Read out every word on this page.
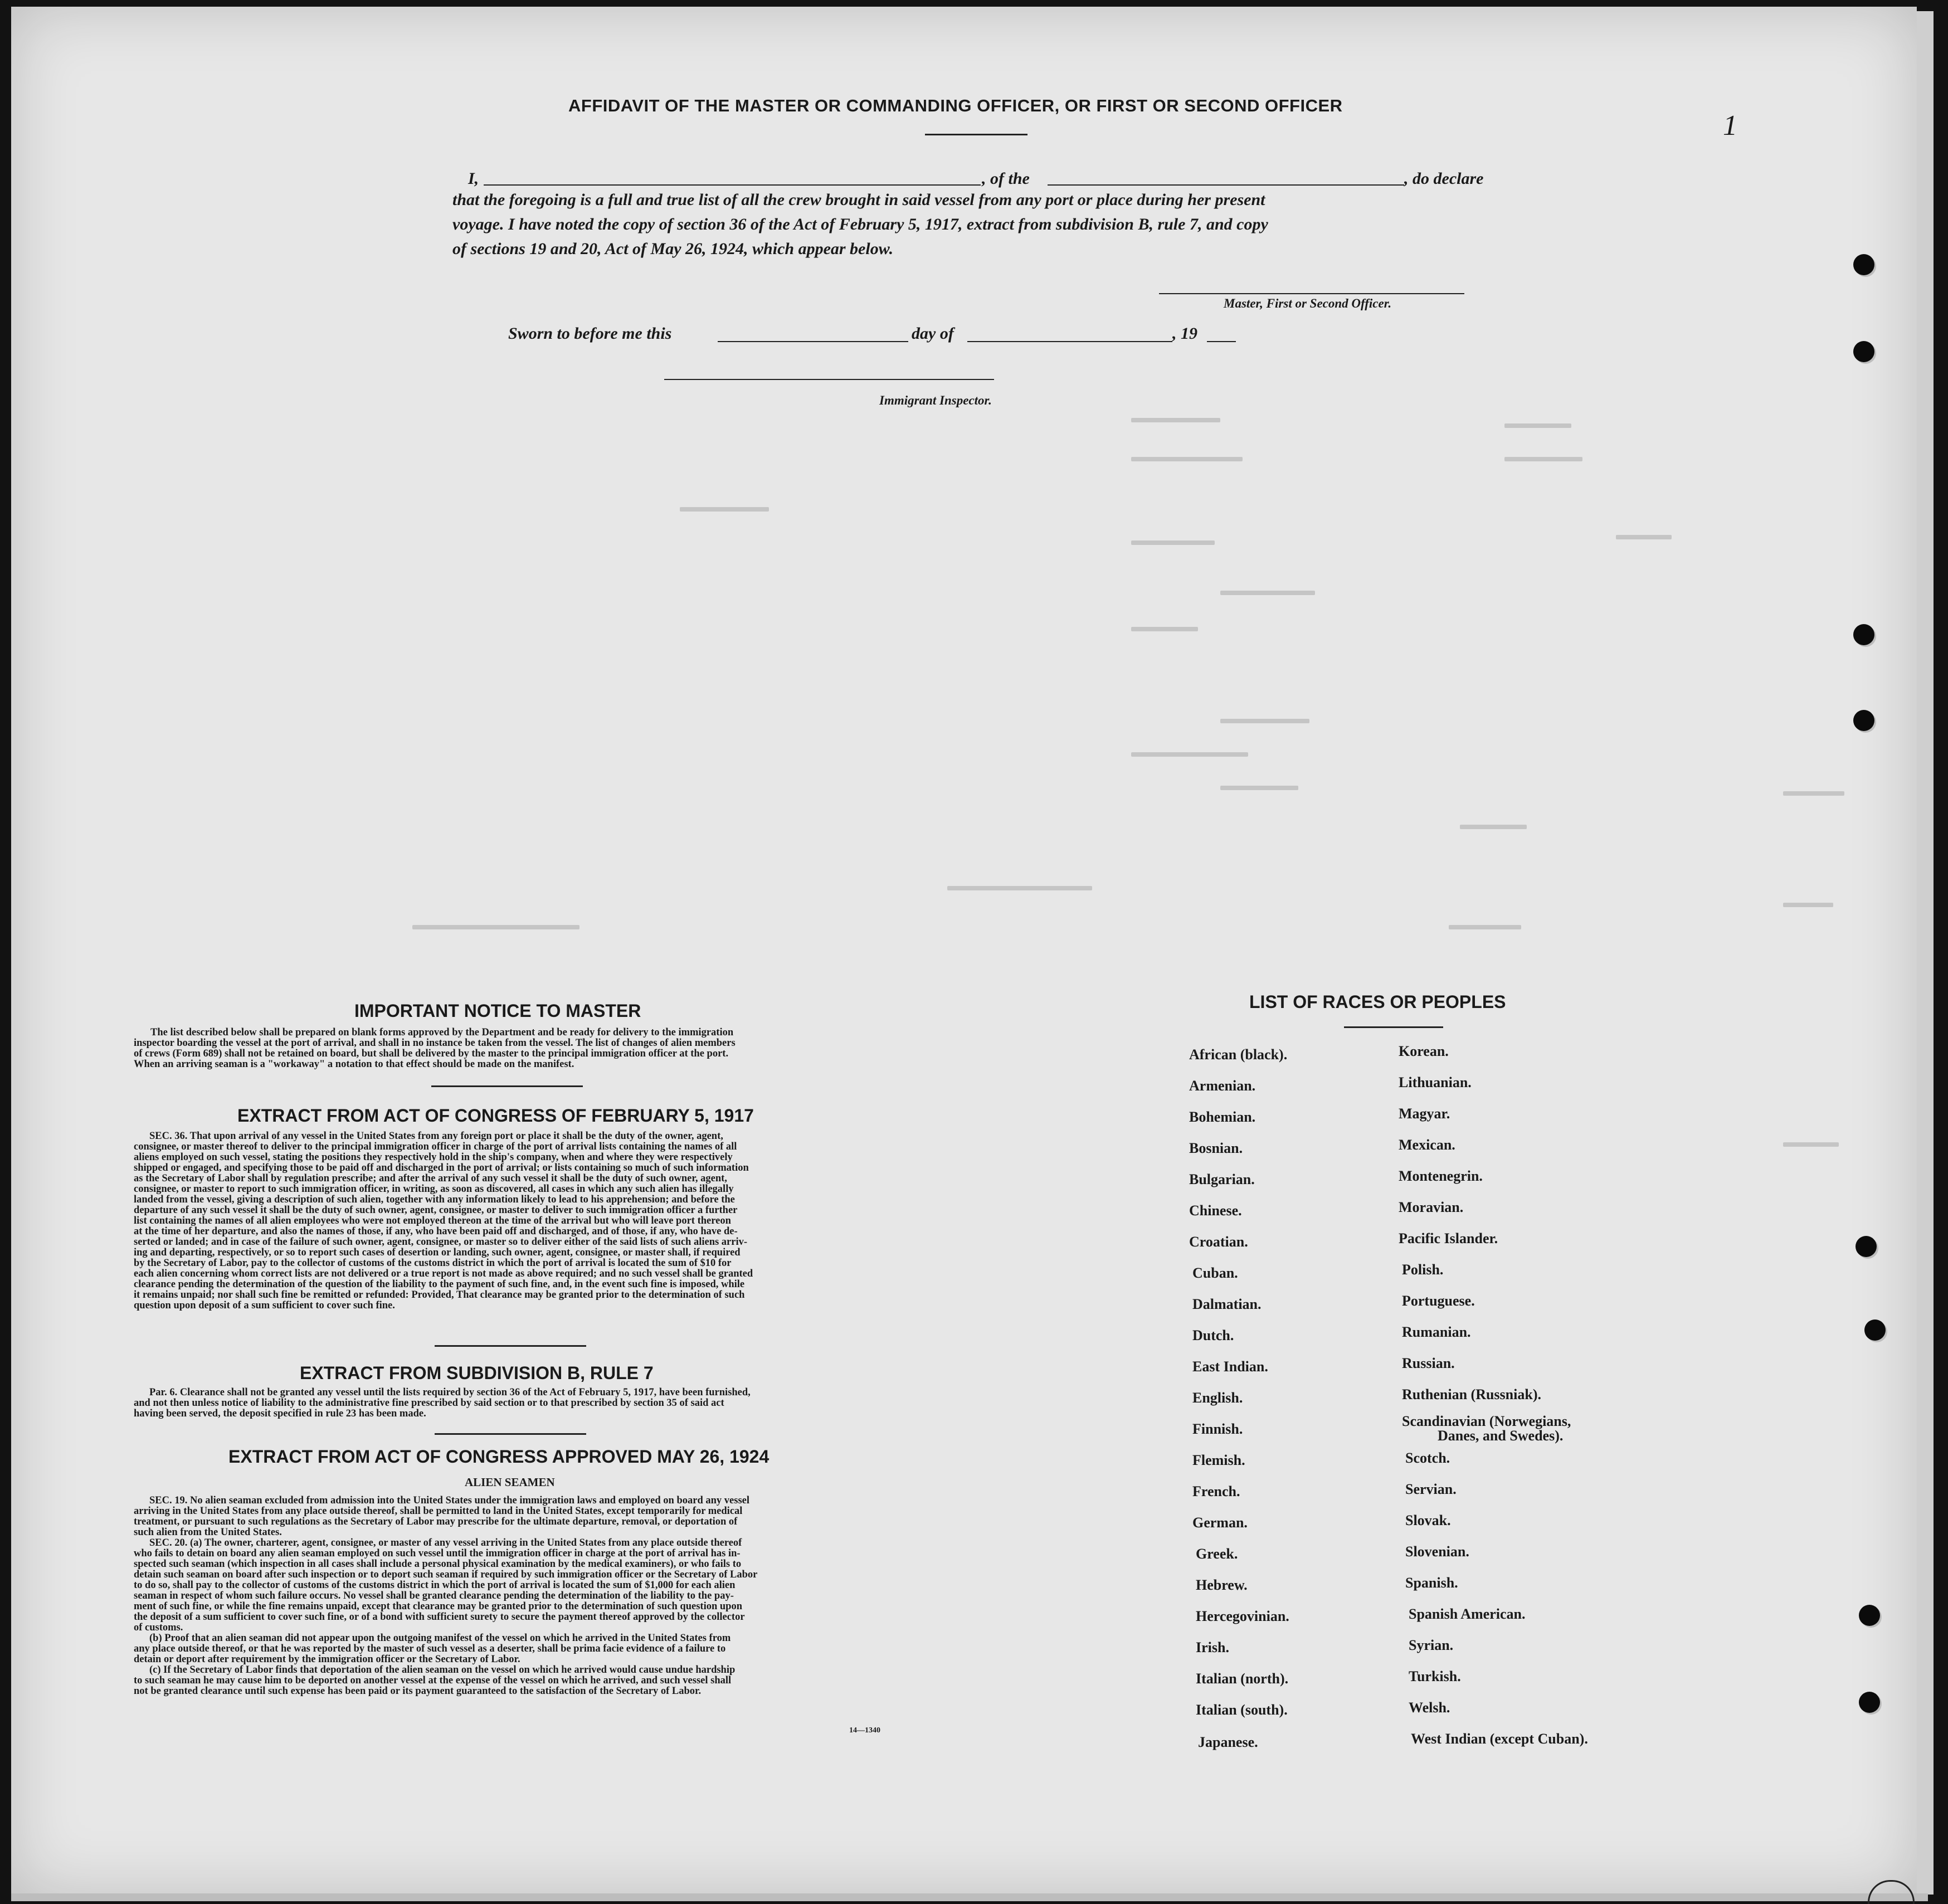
AFFIDAVIT OF THE MASTER OR COMMANDING OFFICER, OR FIRST OR SECOND OFFICER
1
I,	, of the	, do declare
that the foregoing is a full and true list of all the crew brought in said vessel from any port or place during her present
voyage. I have noted the copy of section 36 of the Act of February 5, 1917, extract from subdivision B, rule 7, and copy
of sections 19 and 20, Act of May 26, 1924, which appear below.
Master, First or Second Officer.
Sworn to before me this	day of	, 19
Immigrant Inspector.
IMPORTANT NOTICE TO MASTER
The list described below shall be prepared on blank forms approved by the Department and be ready for delivery to the immigration
inspector boarding the vessel at the port of arrival, and shall in no instance be taken from the vessel. The list of changes of alien members
of crews (Form 689) shall not be retained on board, but shall be delivered by the master to the principal immigration officer at the port.
When an arriving seaman is a "workaway" a notation to that effect should be made on the manifest.
EXTRACT FROM ACT OF CONGRESS OF FEBRUARY 5, 1917
SEC. 36. That upon arrival of any vessel in the United States from any foreign port or place it shall be the duty of the owner, agent,
consignee, or master thereof to deliver to the principal immigration officer in charge of the port of arrival lists containing the names of all
aliens employed on such vessel, stating the positions they respectively hold in the ship's company, when and where they were respectively
shipped or engaged, and specifying those to be paid off and discharged in the port of arrival; or lists containing so much of such information
as the Secretary of Labor shall by regulation prescribe; and after the arrival of any such vessel it shall be the duty of such owner, agent,
consignee, or master to report to such immigration officer, in writing, as soon as discovered, all cases in which any such alien has illegally
landed from the vessel, giving a description of such alien, together with any information likely to lead to his apprehension; and before the
departure of any such vessel it shall be the duty of such owner, agent, consignee, or master to deliver to such immigration officer a further
list containing the names of all alien employees who were not employed thereon at the time of the arrival but who will leave port thereon
at the time of her departure, and also the names of those, if any, who have been paid off and discharged, and of those, if any, who have de-
serted or landed; and in case of the failure of such owner, agent, consignee, or master so to deliver either of the said lists of such aliens arriv-
ing and departing, respectively, or so to report such cases of desertion or landing, such owner, agent, consignee, or master shall, if required
by the Secretary of Labor, pay to the collector of customs of the customs district in which the port of arrival is located the sum of $10 for
each alien concerning whom correct lists are not delivered or a true report is not made as above required; and no such vessel shall be granted
clearance pending the determination of the question of the liability to the payment of such fine, and, in the event such fine is imposed, while
it remains unpaid; nor shall such fine be remitted or refunded: Provided, That clearance may be granted prior to the determination of such
question upon deposit of a sum sufficient to cover such fine.
EXTRACT FROM SUBDIVISION B, RULE 7
Par. 6. Clearance shall not be granted any vessel until the lists required by section 36 of the Act of February 5, 1917, have been furnished,
and not then unless notice of liability to the administrative fine prescribed by said section or to that prescribed by section 35 of said act
having been served, the deposit specified in rule 23 has been made.
EXTRACT FROM ACT OF CONGRESS APPROVED MAY 26, 1924
ALIEN SEAMEN
SEC. 19. No alien seaman excluded from admission into the United States under the immigration laws and employed on board any vessel
arriving in the United States from any place outside thereof, shall be permitted to land in the United States, except temporarily for medical
treatment, or pursuant to such regulations as the Secretary of Labor may prescribe for the ultimate departure, removal, or deportation of
such alien from the United States.
SEC. 20. (a) The owner, charterer, agent, consignee, or master of any vessel arriving in the United States from any place outside thereof
who fails to detain on board any alien seaman employed on such vessel until the immigration officer in charge at the port of arrival has in-
spected such seaman (which inspection in all cases shall include a personal physical examination by the medical examiners), or who fails to
detain such seaman on board after such inspection or to deport such seaman if required by such immigration officer or the Secretary of Labor
to do so, shall pay to the collector of customs of the customs district in which the port of arrival is located the sum of $1,000 for each alien
seaman in respect of whom such failure occurs. No vessel shall be granted clearance pending the determination of the liability to the pay-
ment of such fine, or while the fine remains unpaid, except that clearance may be granted prior to the determination of such question upon
the deposit of a sum sufficient to cover such fine, or of a bond with sufficient surety to secure the payment thereof approved by the collector
of customs.
(b) Proof that an alien seaman did not appear upon the outgoing manifest of the vessel on which he arrived in the United States from
any place outside thereof, or that he was reported by the master of such vessel as a deserter, shall be prima facie evidence of a failure to
detain or deport after requirement by the immigration officer or the Secretary of Labor.
(c) If the Secretary of Labor finds that deportation of the alien seaman on the vessel on which he arrived would cause undue hardship
to such seaman he may cause him to be deported on another vessel at the expense of the vessel on which he arrived, and such vessel shall
not be granted clearance until such expense has been paid or its payment guaranteed to the satisfaction of the Secretary of Labor.
14—1340
LIST OF RACES OR PEOPLES
African (black).
Armenian.
Bohemian.
Bosnian.
Bulgarian.
Chinese.
Croatian.
Cuban.
Dalmatian.
Dutch.
East Indian.
English.
Finnish.
Flemish.
French.
German.
Greek.
Hebrew.
Hercegovinian.
Irish.
Italian (north).
Italian (south).
Japanese.
Korean.
Lithuanian.
Magyar.
Mexican.
Montenegrin.
Moravian.
Pacific Islander.
Polish.
Portuguese.
Rumanian.
Russian.
Ruthenian (Russniak).
Scandinavian (Norwegians,
Danes, and Swedes).
Scotch.
Servian.
Slovak.
Slovenian.
Spanish.
Spanish American.
Syrian.
Turkish.
Welsh.
West Indian (except Cuban).
